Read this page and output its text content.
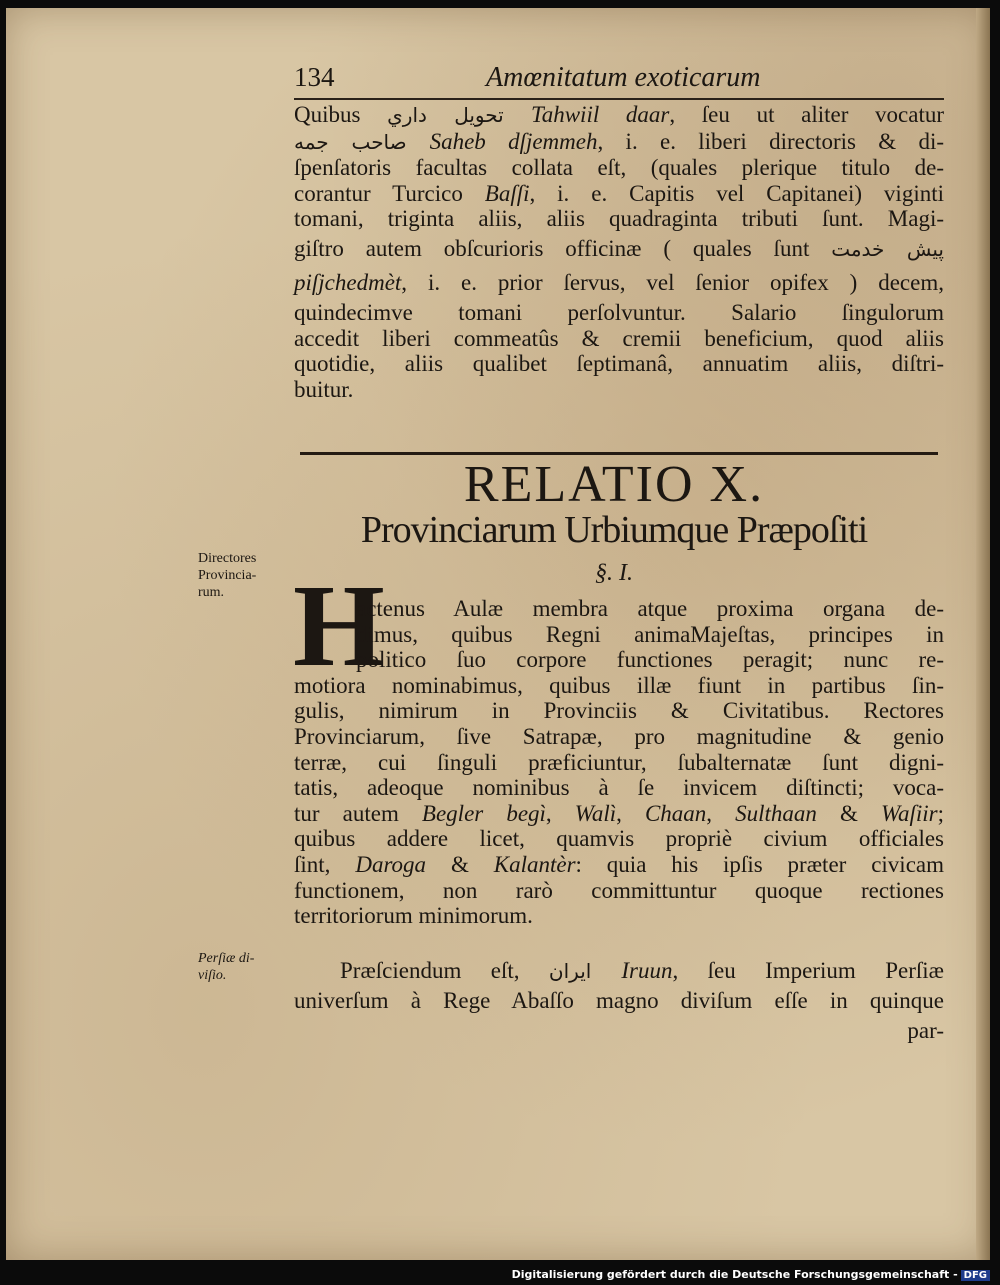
134	Amœnitatum exoticarum
Quibus تحويل داري Tahwiil daar, ſeu ut aliter vocatur
صاحب جمه Saheb dſjemmeh, i. e. liberi directoris & di-
ſpenſatoris facultas collata eſt, (quales plerique titulo de-
corantur Turcico Baſſi, i. e. Capitis vel Capitanei) viginti
tomani, triginta aliis, aliis quadraginta tributi ſunt. Magi-
giſtro autem obſcurioris officinæ ( quales ſunt پيش خدمت
piſjchedmèt, i. e. prior ſervus, vel ſenior opifex ) decem,
quindecimve tomani perſolvuntur. Salario ſingulorum
accedit liberi commeatûs & cremii beneficium, quod aliis
quotidie, aliis qualibet ſeptimanâ, annuatim aliis, diſtri-
buitur.
RELATIO X.
Provinciarum Urbiumque Præpoſiti
§. I.
Directores
Provincia-
rum.
Perſiæ di-
viſio.
H
actenus Aulæ membra atque proxima organa de-
dimus, quibus Regni animaMajeſtas, principes in
politico ſuo corpore functiones peragit; nunc re-
motiora nominabimus, quibus illæ fiunt in partibus ſin-
gulis, nimirum in Provinciis & Civitatibus. Rectores
Provinciarum, ſive Satrapæ, pro magnitudine & genio
terræ, cui ſinguli præficiuntur, ſubalternatæ ſunt digni-
tatis, adeoque nominibus à ſe invicem diſtincti; voca-
tur autem Begler begì, Walì, Chaan, Sulthaan & Waſiir;
quibus addere licet, quamvis propriè civium officiales
ſint, Daroga & Kalantèr: quia his ipſis præter civicam
functionem, non rarò committuntur quoque rectiones
territoriorum minimorum.
Præſciendum eſt, ايران Iruun, ſeu Imperium Perſiæ
univerſum à Rege Abaſſo magno diviſum eſſe in quinque
par-
Digitalisierung gefördert durch die Deutsche Forschungsgemeinschaft - DFG
